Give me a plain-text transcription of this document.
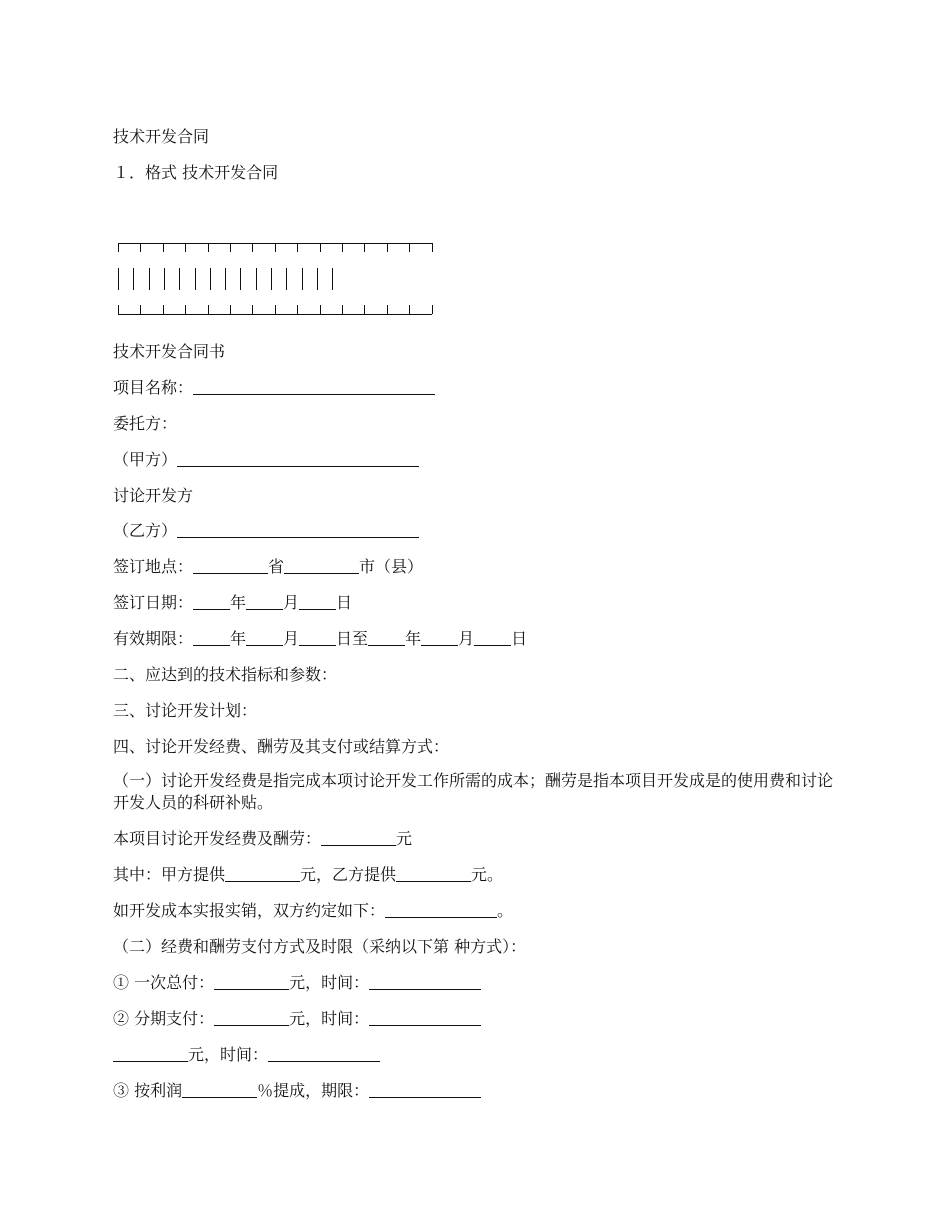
技术开发合同
１．格式 技术开发合同
技术开发合同书
项目名称：
委托方：
（甲方）
讨论开发方
（乙方）
签订地点：	省	市（县）
签订日期： 年 月 日
有效期限： 年 月 日至 年 月 日
二、应达到的技术指标和参数：
三、讨论开发计划：
四、讨论开发经费、酬劳及其支付或结算方式：
（一）讨论开发经费是指完成本项讨论开发工作所需的成本；酬劳是指本项目开发成是的使用费和讨论开发人员的科研补贴。
本项目讨论开发经费及酬劳：	元
其中：甲方提供	元，乙方提供	元。
如开发成本实报实销，双方约定如下：	。
（二）经费和酬劳支付方式及时限（采纳以下第 种方式）：
① 一次总付：	元，时间：
② 分期支付：	元，时间：
元，时间：
③ 按利润	％提成，期限：
